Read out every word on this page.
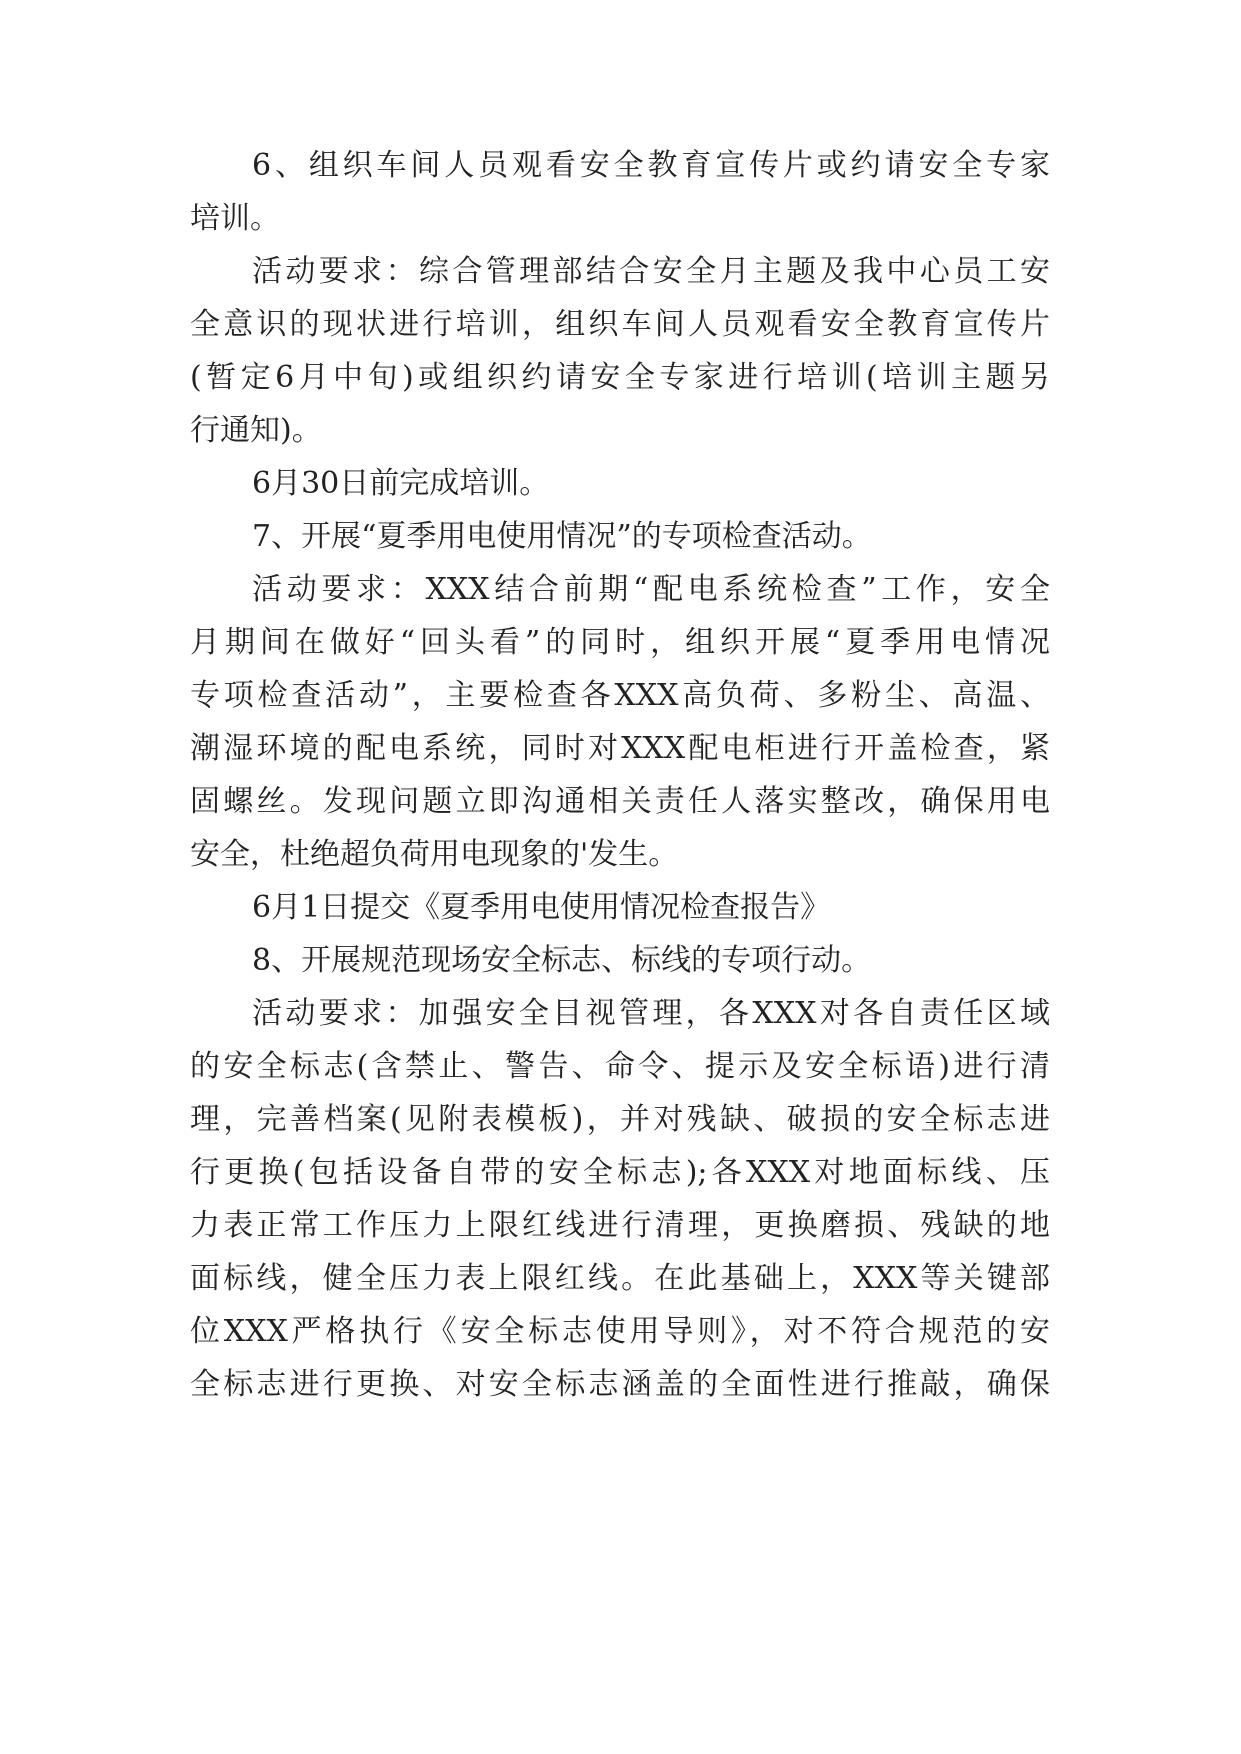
6、组织车间人员观看安全教育宣传片或约请安全专家
培训。
活动要求：综合管理部结合安全月主题及我中心员工安
全意识的现状进行培训，组织车间人员观看安全教育宣传片
(暂定6月中旬)或组织约请安全专家进行培训(培训主题另
行通知)。
6月30日前完成培训。
7、开展“夏季用电使用情况”的专项检查活动。
活动要求：XXX结合前期“配电系统检查”工作，安全
月期间在做好“回头看”的同时，组织开展“夏季用电情况
专项检查活动”，主要检查各XXX高负荷、多粉尘、高温、
潮湿环境的配电系统，同时对XXX配电柜进行开盖检查，紧
固螺丝。发现问题立即沟通相关责任人落实整改，确保用电
安全，杜绝超负荷用电现象的'发生。
6月1日提交《夏季用电使用情况检查报告》
8、开展规范现场安全标志、标线的专项行动。
活动要求：加强安全目视管理，各XXX对各自责任区域
的安全标志(含禁止、警告、命令、提示及安全标语)进行清
理，完善档案(见附表模板)，并对残缺、破损的安全标志进
行更换(包括设备自带的安全标志);各XXX对地面标线、压
力表正常工作压力上限红线进行清理，更换磨损、残缺的地
面标线，健全压力表上限红线。在此基础上，XXX等关键部
位XXX严格执行《安全标志使用导则》，对不符合规范的安
全标志进行更换、对安全标志涵盖的全面性进行推敲，确保
